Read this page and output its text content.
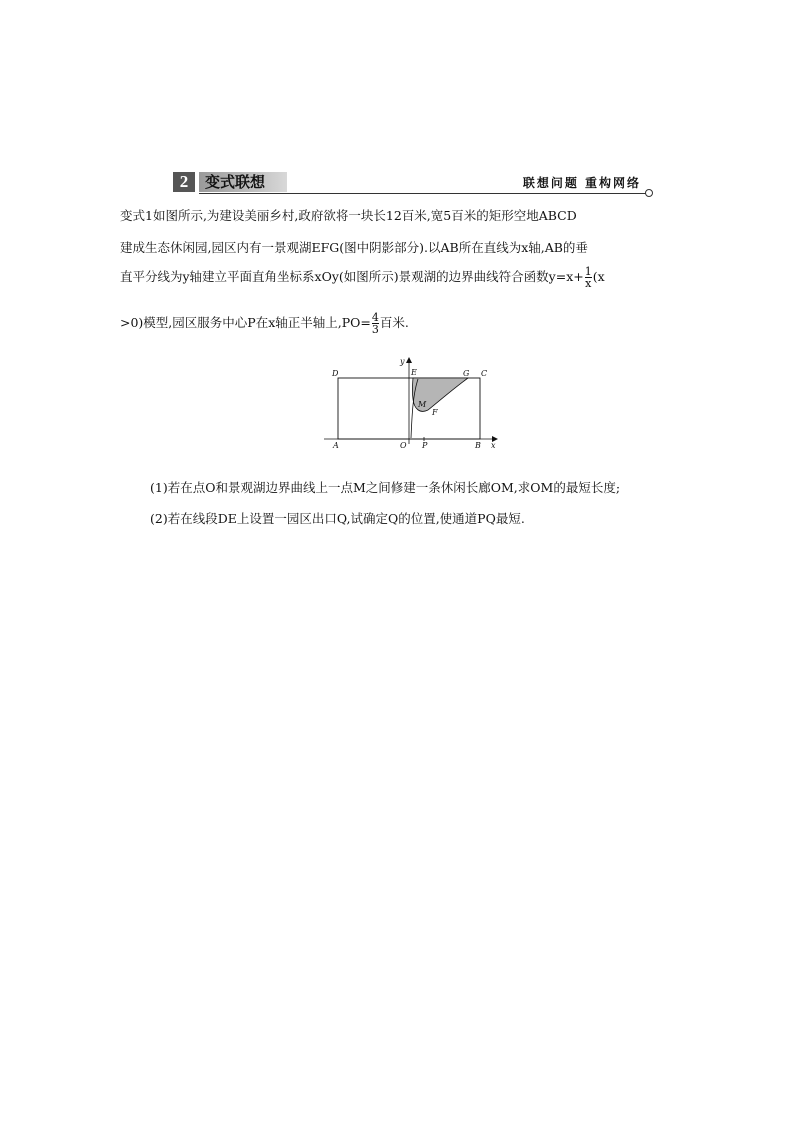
2	变式联想	联想问题 重构网络
变式1如图所示,为建设美丽乡村,政府欲将一块长12百米,宽5百米的矩形空地ABCD
建成生态休闲园,园区内有一景观湖EFG(图中阴影部分).以AB所在直线为x轴,AB的垂
直平分线为y轴建立平面直角坐标系xOy(如图所示)景观湖的边界曲线符合函数$y=x+ \frac{1}{x} (x$
>0)模型,园区服务中心P在x轴正半轴上$,PO= \frac{4}{3}$ 百米.
D	E	G C
y
M
F
A	O P	B x
(1)若在点O和景观湖边界曲线上一点M之间修建一条休闲长廊OM,求OM的最短长度;
(2)若在线段DE上设置一园区出口Q,试确定Q的位置,使通道PQ最短.
